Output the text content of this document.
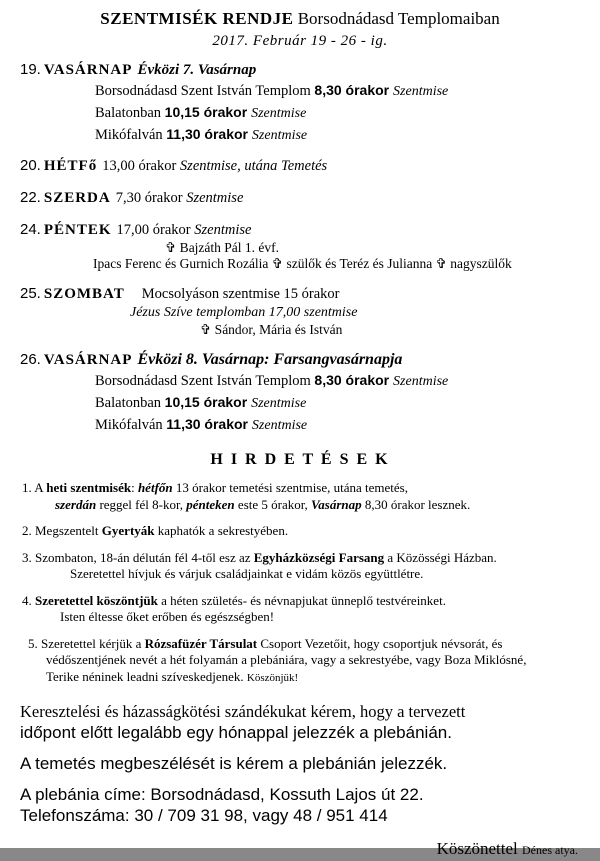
SZENTMISÉK RENDJE Borsodnádasd Templomaiban
2017. Február 19 - 26 - ig.
19. VASÁRNAP Évközi 7. Vasárnap
Borsodnádasd Szent István Templom 8,30 órakor Szentmise
Balatonban 10,15 órakor Szentmise
Mikófalván 11,30 órakor Szentmise
20. HÉTFő 13,00 órakor Szentmise, utána Temetés
22. SZERDA 7,30 órakor Szentmise
24. PÉNTEK 17,00 órakor Szentmise
✞ Bajzáth Pál 1. évf.
Ipacs Ferenc és Gurnich Rozália ✞ szülők és Teréz és Julianna ✞ nagyszülők
25. SZOMBAT Mocsolyáson szentmise 15 órakor
Jézus Szíve templomban 17,00 szentmise
✞ Sándor, Mária és István
26. VASÁRNAP Évközi 8. Vasárnap: Farsangvasárnapja
Borsodnádasd Szent István Templom 8,30 órakor Szentmise
Balatonban 10,15 órakor Szentmise
Mikófalván 11,30 órakor Szentmise
H I R D E T É S E K
1. A heti szentmisék: hétfőn 13 órakor temetési szentmise, utána temetés,
szerdán reggel fél 8-kor, pénteken este 5 órakor, Vasárnap 8,30 órakor lesznek.
2. Megszentelt Gyertyák kaphatók a sekrestyében.
3. Szombaton, 18-án délután fél 4-től esz az Egyházközségi Farsang a Közösségi Házban.
Szeretettel hívjuk és várjuk családjainkat e vidám közös együttlétre.
4. Szeretettel köszöntjük a héten születés- és névnapjukat ünneplő testvéreinket.
Isten éltesse őket erőben és egészségben!
5. Szeretettel kérjük a Rózsafüzér Társulat Csoport Vezetőit, hogy csoportjuk névsorát, és
védőszentjének nevét a hét folyamán a plebániára, vagy a sekrestyébe, vagy Boza Miklósné,
Terike néninek leadni szíveskedjenek. Köszönjük!
Keresztelési és házasságkötési szándékukat kérem, hogy a tervezett
időpont előtt legalább egy hónappal jelezzék a plebánián.
A temetés megbeszélését is kérem a plebánián jelezzék.
A plebánia címe: Borsodnádasd, Kossuth Lajos út 22.
Telefonszáma: 30 / 709 31 98, vagy 48 / 951 414
Köszönettel Dénes atya.
